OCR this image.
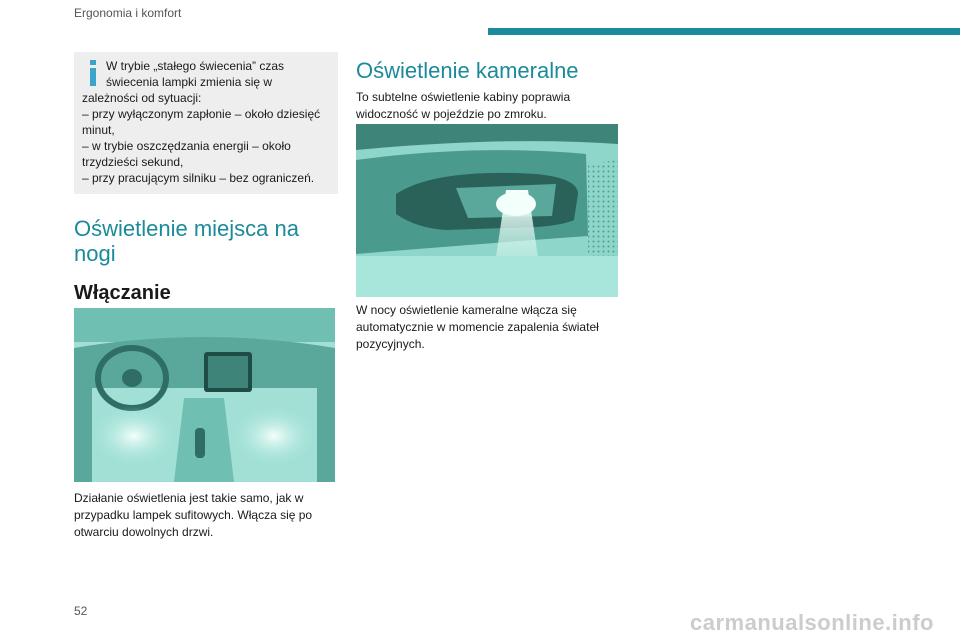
Ergonomia i komfort
W trybie „stałego świecenia” czas
świecenia lampki zmienia się w
zależności od sytuacji:
– przy wyłączonym zapłonie – około dziesięć
minut,
– w trybie oszczędzania energii – około
trzydzieści sekund,
– przy pracującym silniku – bez ograniczeń.
Oświetlenie miejsca na
nogi
Włączanie

Działanie oświetlenia jest takie samo, jak w
przypadku lampek sufitowych. Włącza się po
otwarciu dowolnych drzwi.

Oświetlenie kameralne

To subtelne oświetlenie kabiny poprawia
widoczność w pojeździe po zmroku.

W nocy oświetlenie kameralne włącza się
automatycznie w momencie zapalenia świateł
pozycyjnych.

52	carmanualsonline.info
